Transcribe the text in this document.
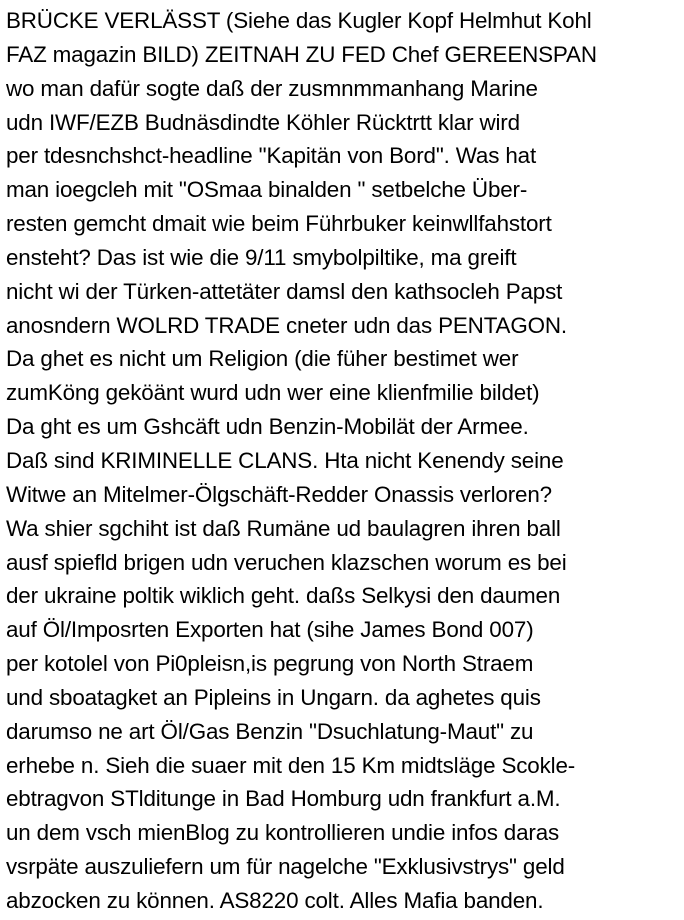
BRÜCKE VERLÄSST (Siehe das Kugler Kopf Helmhut Kohl
FAZ magazin BILD) ZEITNAH ZU FED Chef GEREENSPAN
wo man dafür sogte daß der zusmnmmanhang Marine
udn IWF/EZB Budnäsdindte Köhler Rücktrtt klar wird
per tdesnchshct-headline "Kapitän von Bord". Was hat
man ioegcleh mit "OSmaa binalden " setbelche Über-
resten gemcht dmait wie beim Führbuker keinwllfahstort
ensteht? Das ist wie die 9/11 smybolpiltike, ma greift
nicht wi der Türken-attetäter damsl den kathsocleh Papst
anosndern WOLRD TRADE cneter udn das PENTAGON.
Da ghet es nicht um Religion (die füher bestimet wer
zumKöng geköänt wurd udn wer eine klienfmilie bildet)
Da ght es um Gshcäft udn Benzin-Mobilät der Armee.
Daß sind KRIMINELLE CLANS. Hta nicht Kenendy seine
Witwe an Mitelmer-Ölgschäft-Redder Onassis verloren?
Wa shier sgchiht ist daß Rumäne ud baulagren ihren ball
ausf spiefld brigen udn veruchen klazschen worum es bei
der ukraine poltik wiklich geht. daßs Selkysi den daumen
auf Öl/Imposrten Exporten hat (sihe James Bond 007)
per kotolel von Pi0pleisn,is pegrung von North Straem
und sboatagket an Pipleins in Ungarn. da aghetes quis
darumso ne art Öl/Gas Benzin "Dsuchlatung-Maut" zu
erhebe n. Sieh die suaer mit den 15 Km midtsläge Scokle-
ebtragvon STlditunge in Bad Homburg udn frankfurt a.M.
un dem vsch mienBlog zu kontrollieren undie infos daras
vsrpäte auszuliefern um für nagelche "Exklusivstrys" geld
abzocken zu können. AS8220 colt. Alles Mafia banden.
